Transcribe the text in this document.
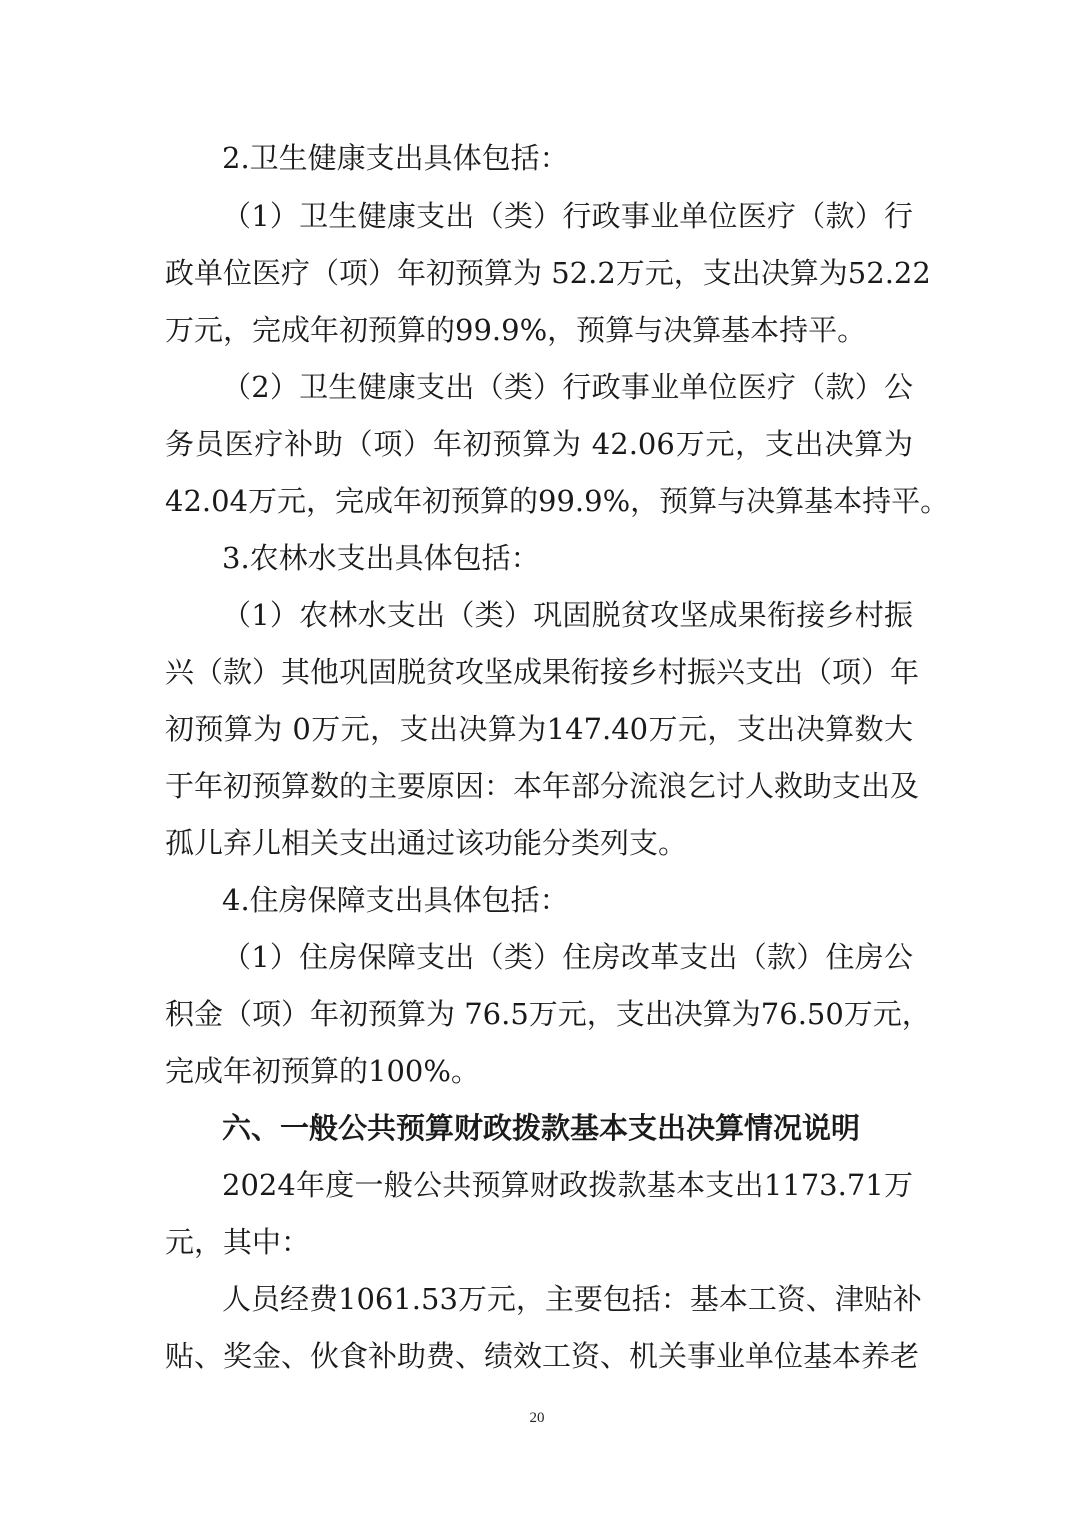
2.卫生健康支出具体包括：
（1）卫生健康支出（类）行政事业单位医疗（款）行
政单位医疗（项）年初预算为 52.2万元，支出决算为52.22
万元，完成年初预算的99.9%，预算与决算基本持平。
（2）卫生健康支出（类）行政事业单位医疗（款）公
务员医疗补助（项）年初预算为 42.06万元，支出决算为
42.04万元，完成年初预算的99.9%，预算与决算基本持平。
3.农林水支出具体包括：
（1）农林水支出（类）巩固脱贫攻坚成果衔接乡村振
兴（款）其他巩固脱贫攻坚成果衔接乡村振兴支出（项）年
初预算为 0万元，支出决算为147.40万元，支出决算数大
于年初预算数的主要原因：本年部分流浪乞讨人救助支出及
孤儿弃儿相关支出通过该功能分类列支。
4.住房保障支出具体包括：
（1）住房保障支出（类）住房改革支出（款）住房公
积金（项）年初预算为 76.5万元，支出决算为76.50万元，
完成年初预算的100%。
六、一般公共预算财政拨款基本支出决算情况说明
2024年度一般公共预算财政拨款基本支出1173.71万
元，其中：
人员经费1061.53万元，主要包括：基本工资、津贴补
贴、奖金、伙食补助费、绩效工资、机关事业单位基本养老
20
